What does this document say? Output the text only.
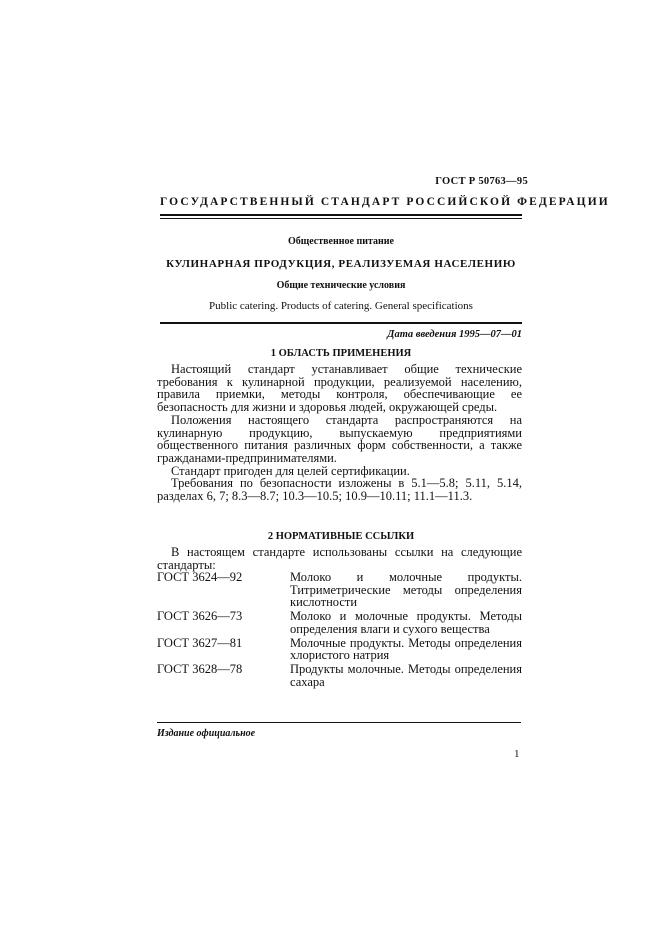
ГОСТ Р 50763—95
ГОСУДАРСТВЕННЫЙ СТАНДАРТ РОССИЙСКОЙ ФЕДЕРАЦИИ
Общественное питание
КУЛИНАРНАЯ ПРОДУКЦИЯ, РЕАЛИЗУЕМАЯ НАСЕЛЕНИЮ
Общие технические условия
Public catering. Products of catering. General specifications
Дата введения 1995—07—01
1 ОБЛАСТЬ ПРИМЕНЕНИЯ

Настоящий стандарт устанавливает общие технические требования к кулинарной продукции, реализуемой населению, правила приемки, методы контроля, обеспечивающие ее безопасность для жизни и здоровья людей, окружающей среды.

Положения настоящего стандарта распространяются на кулинарную продукцию, выпускаемую предприятиями общественного питания различных форм собственности, а также гражданами-предпринимателями.

Стандарт пригоден для целей сертификации.

Требования по безопасности изложены в 5.1—5.8; 5.11, 5.14, разделах 6, 7; 8.3—8.7; 10.3—10.5; 10.9—10.11; 11.1—11.3.

2 НОРМАТИВНЫЕ ССЫЛКИ

В настоящем стандарте использованы ссылки на следующие стандарты:

ГОСТ 3624—92	Молоко и молочные продукты. Титриметрические методы определения кислотности
ГОСТ 3626—73	Молоко и молочные продукты. Методы определения влаги и сухого вещества
ГОСТ 3627—81	Молочные продукты. Методы определения хлористого натрия
ГОСТ 3628—78	Продукты молочные. Методы определения сахара
Издание официальное
1
